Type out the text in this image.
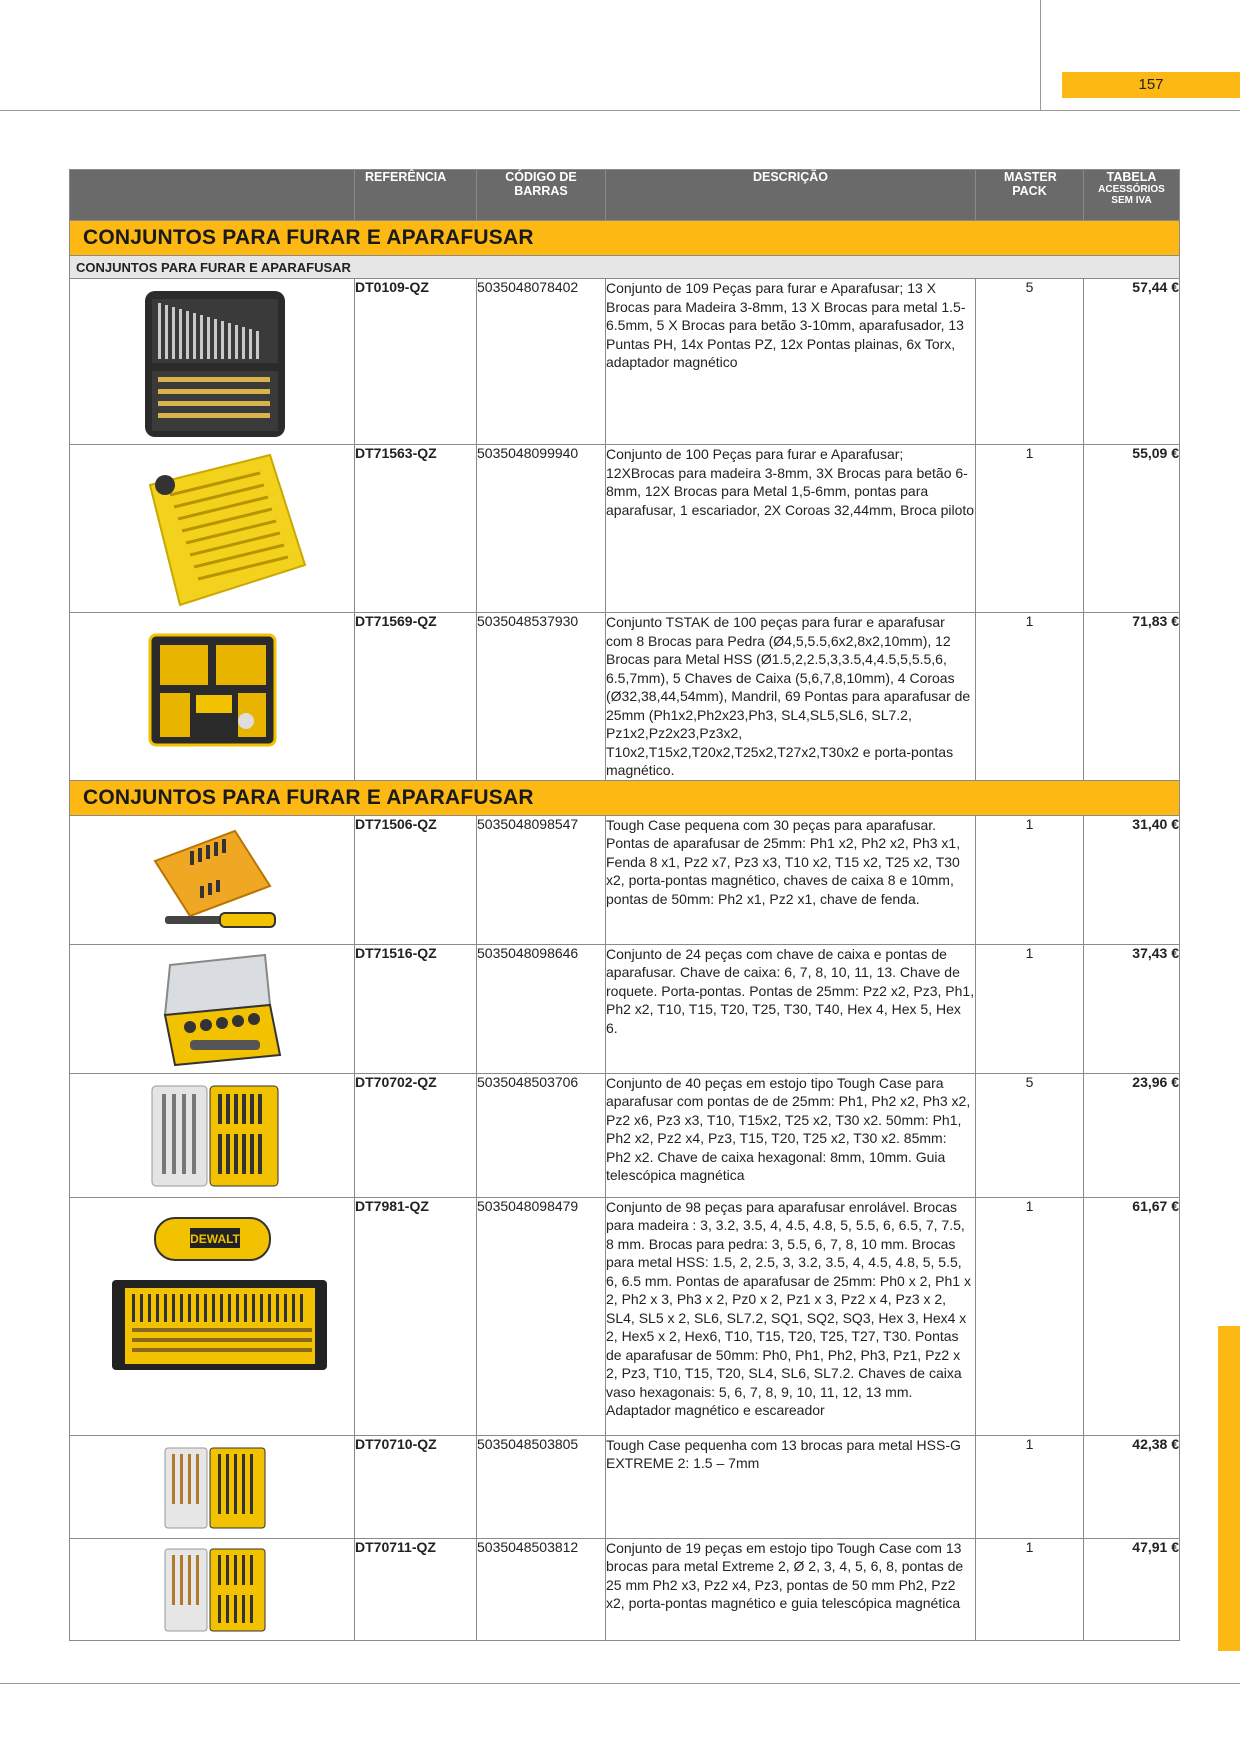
157
	REFERÊNCIA	CÓDIGO DE BARRAS	DESCRIÇÃO	MASTER PACK	TABELA
ACESSÓRIOS
SEM IVA

CONJUNTOS PARA FURAR E APARAFUSAR					
CONJUNTOS PARA FURAR E APARAFUSAR					

	DT0109-QZ	5035048078402	Conjunto de 109 Peças para furar e Aparafusar; 13 X Brocas para Madeira 3-8mm, 13 X Brocas para metal 1.5-6.5mm, 5 X Brocas para betão 3-10mm, aparafusador, 13 Puntas PH, 14x Pontas PZ, 12x Pontas plainas, 6x Torx, adaptador magnético	5	57,44 €

	DT71563-QZ	5035048099940	Conjunto de 100 Peças para furar e Aparafusar; 12XBrocas para madeira 3-8mm, 3X Brocas para betão 6-8mm, 12X Brocas para Metal 1,5-6mm, pontas para aparafusar, 1 escariador, 2X Coroas 32,44mm, Broca piloto	1	55,09 €

	DT71569-QZ	5035048537930	Conjunto TSTAK de 100 peças para furar e aparafusar com 8 Brocas para Pedra (Ø4,5,5.5,6x2,8x2,10mm), 12 Brocas para Metal HSS (Ø1.5,2,2.5,3,3.5,4,4.5,5,5.5,6, 6.5,7mm), 5 Chaves de Caixa (5,6,7,8,10mm), 4 Coroas (Ø32,38,44,54mm), Mandril, 69 Pontas para aparafusar de 25mm (Ph1x2,Ph2x23,Ph3, SL4,SL5,SL6, SL7.2, Pz1x2,Pz2x23,Pz3x2, T10x2,T15x2,T20x2,T25x2,T27x2,T30x2 e porta-pontas magnético.	1	71,83 €
CONJUNTOS PARA FURAR E APARAFUSAR					

	DT71506-QZ	5035048098547	Tough Case pequena com 30 peças para aparafusar. Pontas de aparafusar de 25mm: Ph1 x2, Ph2 x2, Ph3 x1, Fenda 8 x1, Pz2 x7, Pz3 x3, T10 x2, T15 x2, T25 x2, T30 x2, porta-pontas magnético, chaves de caixa 8 e 10mm, pontas de 50mm: Ph2 x1, Pz2 x1, chave de fenda.	1	31,40 €

	DT71516-QZ	5035048098646	Conjunto de 24 peças com chave de caixa e pontas de aparafusar. Chave de caixa: 6, 7, 8, 10, 11, 13. Chave de roquete. Porta-pontas. Pontas de 25mm: Pz2 x2, Pz3, Ph1, Ph2 x2, T10, T15, T20, T25, T30, T40, Hex 4, Hex 5, Hex 6.	1	37,43 €

	DT70702-QZ	5035048503706	Conjunto de 40 peças em estojo tipo Tough Case para aparafusar com pontas de de 25mm: Ph1, Ph2 x2, Ph3 x2, Pz2 x6, Pz3 x3, T10, T15x2, T25 x2, T30 x2. 50mm: Ph1, Ph2 x2, Pz2 x4, Pz3, T15, T20, T25 x2, T30 x2. 85mm: Ph2 x2. Chave de caixa hexagonal: 8mm, 10mm. Guia telescópica magnética	5	23,96 €

DEWALT	DT7981-QZ	5035048098479	Conjunto de 98 peças para aparafusar enrolável. Brocas para madeira : 3, 3.2, 3.5, 4, 4.5, 4.8, 5, 5.5, 6, 6.5, 7, 7.5, 8 mm. Brocas para pedra: 3, 5.5, 6, 7, 8, 10 mm. Brocas para metal HSS: 1.5, 2, 2.5, 3, 3.2, 3.5, 4, 4.5, 4.8, 5, 5.5, 6, 6.5 mm. Pontas de aparafusar de 25mm: Ph0 x 2, Ph1 x 2, Ph2 x 3, Ph3 x 2, Pz0 x 2, Pz1 x 3, Pz2 x 4, Pz3 x 2, SL4, SL5 x 2, SL6, SL7.2, SQ1, SQ2, SQ3, Hex 3, Hex4 x 2, Hex5 x 2, Hex6, T10, T15, T20, T25, T27, T30. Pontas de aparafusar de 50mm: Ph0, Ph1, Ph2, Ph3, Pz1, Pz2 x 2, Pz3, T10, T15, T20, SL4, SL6, SL7.2. Chaves de caixa vaso hexagonais: 5, 6, 7, 8, 9, 10, 11, 12, 13 mm. Adaptador magnético e escareador	1	61,67 €

	DT70710-QZ	5035048503805	Tough Case pequenha com 13 brocas para metal HSS-G EXTREME 2: 1.5 – 7mm	1	42,38 €

	DT70711-QZ	5035048503812	Conjunto de 19 peças em estojo tipo Tough Case com 13 brocas para metal Extreme 2, Ø 2, 3, 4, 5, 6, 8, pontas de 25 mm Ph2 x3, Pz2 x4, Pz3, pontas de 50 mm Ph2, Pz2 x2, porta-pontas magnético e guia telescópica magnética	1	47,91 €
